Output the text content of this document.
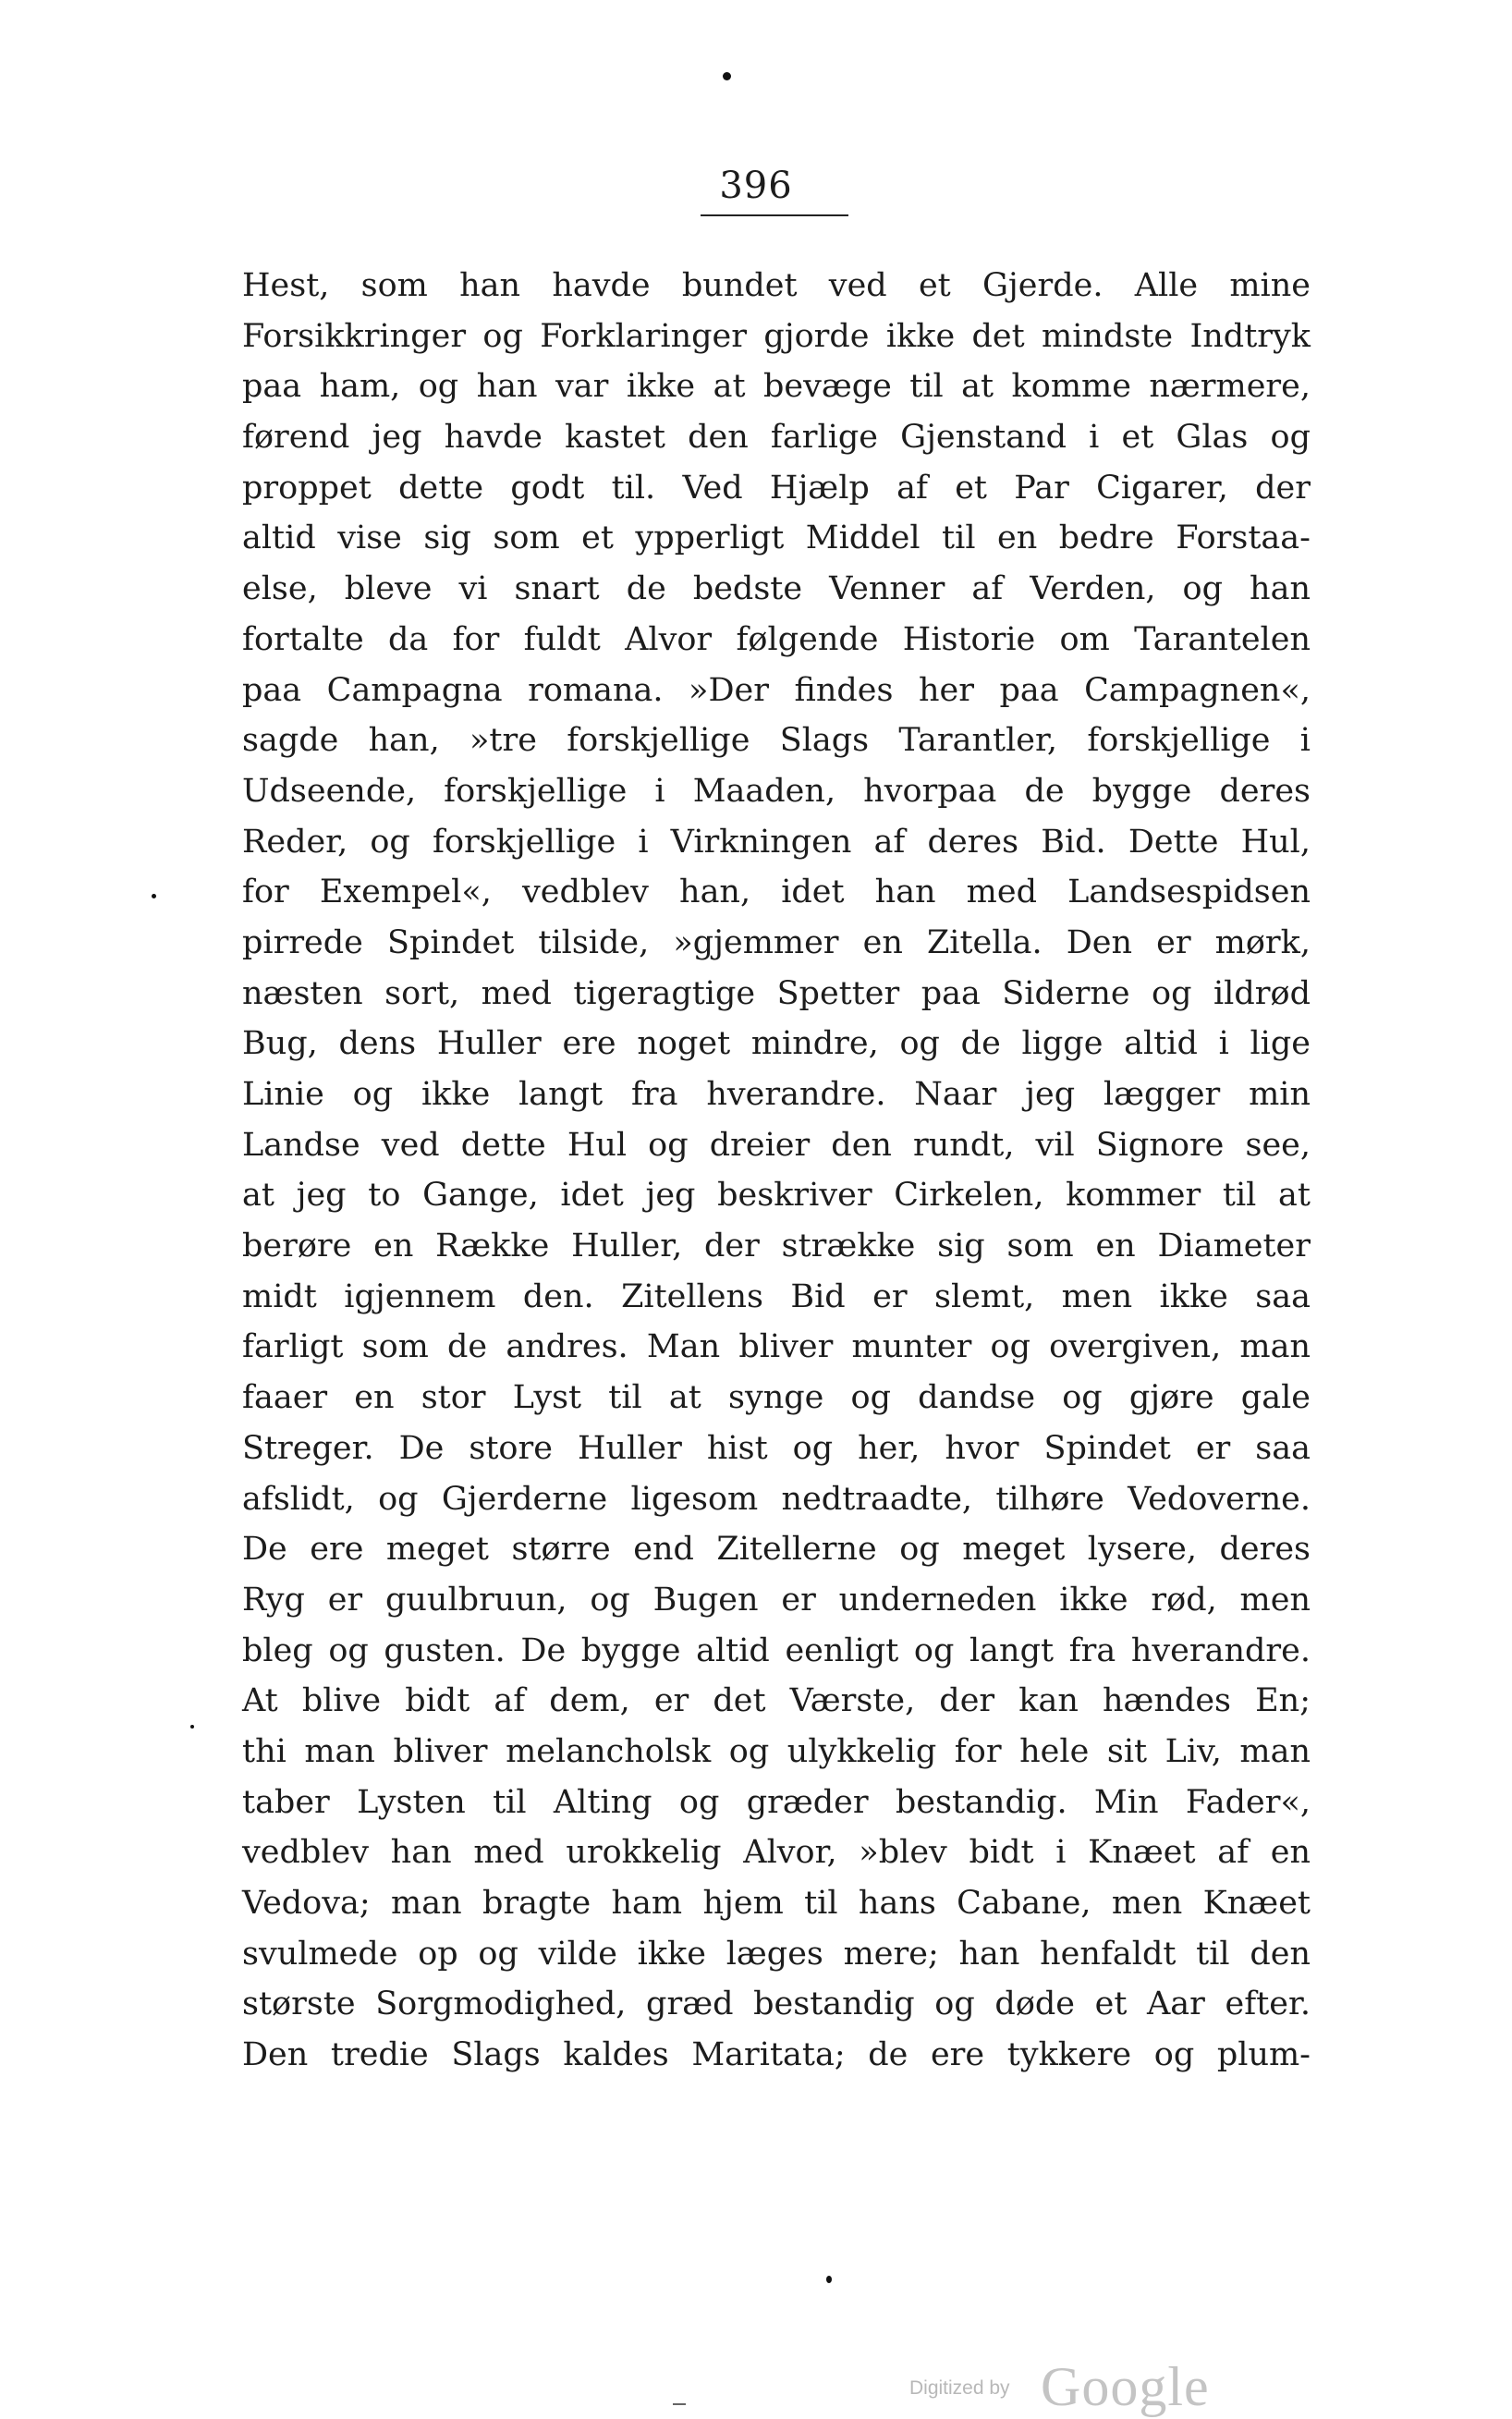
396
Hest, som han havde bundet ved et Gjerde. Alle mine
Forsikkringer og Forklaringer gjorde ikke det mindste Indtryk
paa ham, og han var ikke at bevæge til at komme nærmere,
førend jeg havde kastet den farlige Gjenstand i et Glas og
proppet dette godt til. Ved Hjælp af et Par Cigarer, der
altid vise sig som et ypperligt Middel til en bedre Forstaa-
else, bleve vi snart de bedste Venner af Verden, og han
fortalte da for fuldt Alvor følgende Historie om Tarantelen
paa Campagna romana. »Der findes her paa Campagnen«,
sagde han, »tre forskjellige Slags Tarantler, forskjellige i
Udseende, forskjellige i Maaden, hvorpaa de bygge deres
Reder, og forskjellige i Virkningen af deres Bid. Dette Hul,
for Exempel«, vedblev han, idet han med Landsespidsen
pirrede Spindet tilside, »gjemmer en Zitella. Den er mørk,
næsten sort, med tigeragtige Spetter paa Siderne og ildrød
Bug, dens Huller ere noget mindre, og de ligge altid i lige
Linie og ikke langt fra hverandre. Naar jeg lægger min
Landse ved dette Hul og dreier den rundt, vil Signore see,
at jeg to Gange, idet jeg beskriver Cirkelen, kommer til at
berøre en Række Huller, der strække sig som en Diameter
midt igjennem den. Zitellens Bid er slemt, men ikke saa
farligt som de andres. Man bliver munter og overgiven, man
faaer en stor Lyst til at synge og dandse og gjøre gale
Streger. De store Huller hist og her, hvor Spindet er saa
afslidt, og Gjerderne ligesom nedtraadte, tilhøre Vedoverne.
De ere meget større end Zitellerne og meget lysere, deres
Ryg er guulbruun, og Bugen er underneden ikke rød, men
bleg og gusten. De bygge altid eenligt og langt fra hverandre.
At blive bidt af dem, er det Værste, der kan hændes En;
thi man bliver melancholsk og ulykkelig for hele sit Liv, man
taber Lysten til Alting og græder bestandig. Min Fader«,
vedblev han med urokkelig Alvor, »blev bidt i Knæet af en
Vedova; man bragte ham hjem til hans Cabane, men Knæet
svulmede op og vilde ikke læges mere; han henfaldt til den
største Sorgmodighed, græd bestandig og døde et Aar efter.
Den tredie Slags kaldes Maritata; de ere tykkere og plum-
Digitized by Google
